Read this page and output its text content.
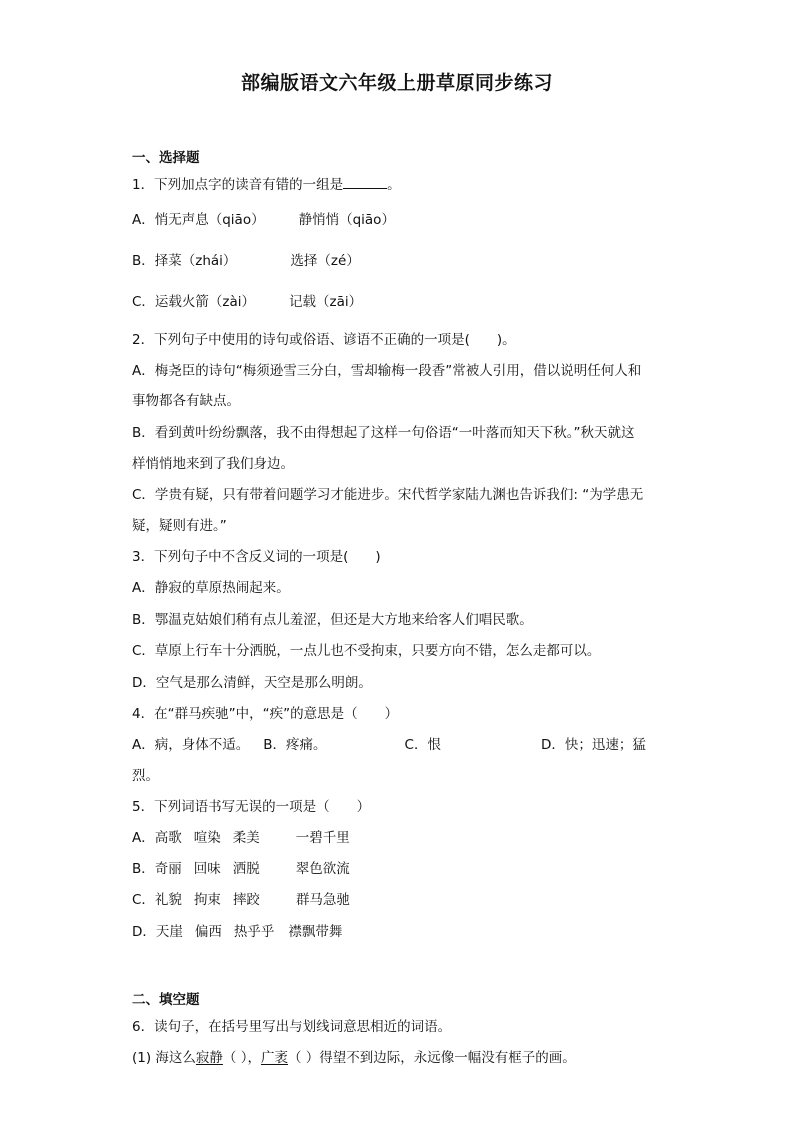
部编版语文六年级上册草原同步练习
一、选择题
1．下列加点字的读音有错的一组是	。
A．悄无声息（qiāo）	静悄悄（qiāo）
B．择菜（zhái）	选择（zé）
C．运载火箭（zài）	记载（zāi）
2．下列句子中使用的诗句或俗语、谚语不正确的一项是(　　)。
A．梅尧臣的诗句“梅须逊雪三分白，雪却输梅一段香”常被人引用，借以说明任何人和
事物都各有缺点。
B．看到黄叶纷纷飘落，我不由得想起了这样一句俗语“一叶落而知天下秋。”秋天就这
样悄悄地来到了我们身边。
C．学贵有疑，只有带着问题学习才能进步。宋代哲学家陆九渊也告诉我们: “为学患无
疑，疑则有进。”
3．下列句子中不含反义词的一项是(　　)
A．静寂的草原热闹起来。
B．鄂温克姑娘们稍有点儿羞涩，但还是大方地来给客人们唱民歌。
C．草原上行车十分洒脱，一点儿也不受拘束，只要方向不错，怎么走都可以。
D．空气是那么清鲜，天空是那么明朗。
4．在“群马疾驰”中，“疾”的意思是（　　）
A．病，身体不适。 B．疼痛。	C．恨	D．快；迅速；猛
烈。
5．下列词语书写无误的一项是（　　）
A．高歌 喧染 柔美	一碧千里
B．奇丽 回味 洒脱	翠色欲流
C．礼貌 拘束 摔跤	群马急驰
D．天崖 偏西 热乎乎 襟飘带舞
二、填空题
6．读句子，在括号里写出与划线词意思相近的词语。
(1) 海这么寂静（ ），广袤（ ）得望不到边际，永远像一幅没有框子的画。
